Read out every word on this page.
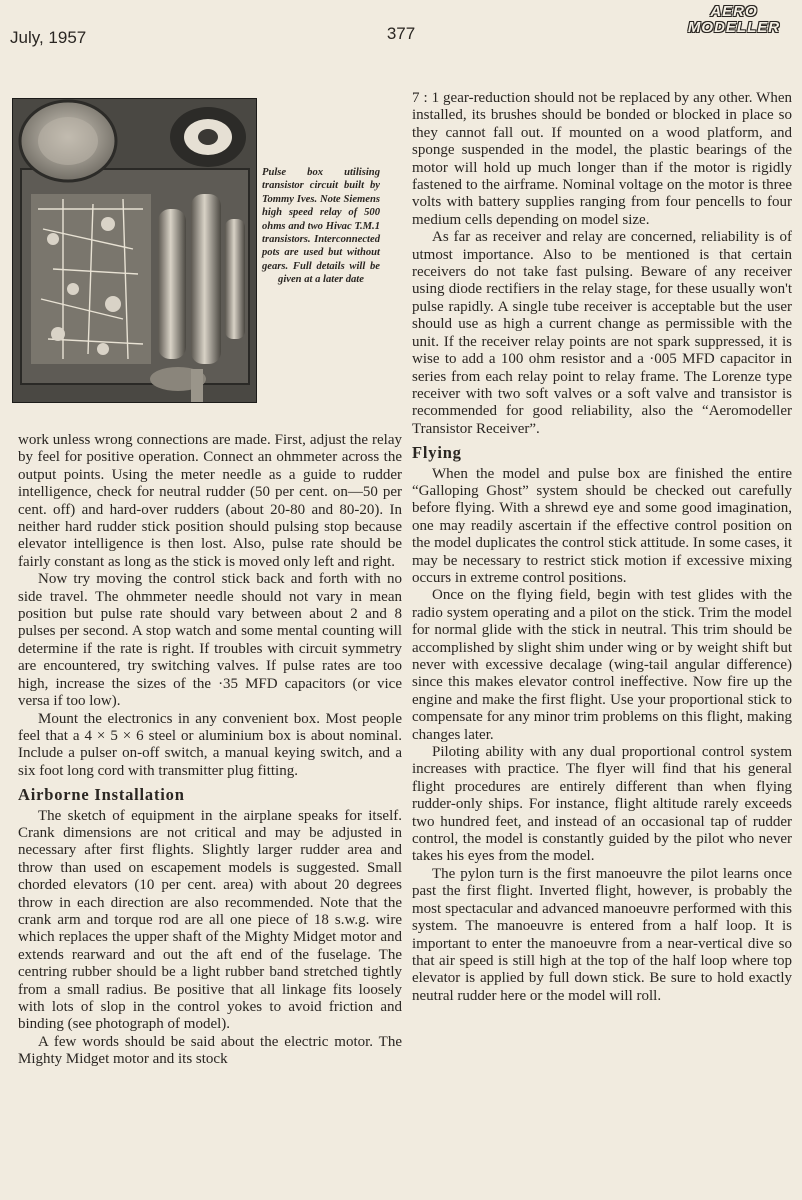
July, 1957	377
AERO
MODELLER
Pulse box utilising transistor circuit built by Tommy Ives. Note Siemens high speed relay of 500 ohms and two Hivac T.M.1 transistors. Interconnected pots are used but without gears. Full details will be given at a later date

work unless wrong connections are made. First, adjust the relay by feel for positive operation. Connect an ohmmeter across the output points. Using the meter needle as a guide to rudder intelligence, check for neutral rudder (50 per cent. on—50 per cent. off) and hard-over rudders (about 20-80 and 80-20). In neither hard rudder stick position should pulsing stop because elevator intelligence is then lost. Also, pulse rate should be fairly constant as long as the stick is moved only left and right.

Now try moving the control stick back and forth with no side travel. The ohmmeter needle should not vary in mean position but pulse rate should vary between about 2 and 8 pulses per second. A stop watch and some mental counting will determine if the rate is right. If troubles with circuit symmetry are encountered, try switching valves. If pulse rates are too high, increase the sizes of the ·35 MFD capacitors (or vice versa if too low).

Mount the electronics in any convenient box. Most people feel that a 4 × 5 × 6 steel or aluminium box is about nominal. Include a pulser on-off switch, a manual keying switch, and a six foot long cord with transmitter plug fitting.

Airborne Installation

The sketch of equipment in the airplane speaks for itself. Crank dimensions are not critical and may be adjusted in necessary after first flights. Slightly larger rudder area and throw than used on escapement models is suggested. Small chorded elevators (10 per cent. area) with about 20 degrees throw in each direction are also recommended. Note that the crank arm and torque rod are all one piece of 18 s.w.g. wire which replaces the upper shaft of the Mighty Midget motor and extends rearward and out the aft end of the fuselage. The centring rubber should be a light rubber band stretched tightly from a small radius. Be positive that all linkage fits loosely with lots of slop in the control yokes to avoid friction and binding (see photograph of model).

A few words should be said about the electric motor. The Mighty Midget motor and its stock

7 : 1 gear-reduction should not be replaced by any other. When installed, its brushes should be bonded or blocked in place so they cannot fall out. If mounted on a wood platform, and sponge suspended in the model, the plastic bearings of the motor will hold up much longer than if the motor is rigidly fastened to the airframe. Nominal voltage on the motor is three volts with battery supplies ranging from four pencells to four medium cells depending on model size.

As far as receiver and relay are concerned, reliability is of utmost importance. Also to be mentioned is that certain receivers do not take fast pulsing. Beware of any receiver using diode rectifiers in the relay stage, for these usually won't pulse rapidly. A single tube receiver is acceptable but the user should use as high a current change as permissible with the unit. If the receiver relay points are not spark suppressed, it is wise to add a 100 ohm resistor and a ·005 MFD capacitor in series from each relay point to relay frame. The Lorenze type receiver with two soft valves or a soft valve and transistor is recommended for good reliability, also the “Aeromodeller Transistor Receiver”.

Flying

When the model and pulse box are finished the entire “Galloping Ghost” system should be checked out carefully before flying. With a shrewd eye and some good imagination, one may readily ascertain if the effective control position on the model duplicates the control stick attitude. In some cases, it may be necessary to restrict stick motion if excessive mixing occurs in extreme control positions.

Once on the flying field, begin with test glides with the radio system operating and a pilot on the stick. Trim the model for normal glide with the stick in neutral. This trim should be accomplished by slight shim under wing or by weight shift but never with excessive decalage (wing-tail angular difference) since this makes elevator control ineffective. Now fire up the engine and make the first flight. Use your proportional stick to compensate for any minor trim problems on this flight, making changes later.

Piloting ability with any dual proportional control system increases with practice. The flyer will find that his general flight procedures are entirely different than when flying rudder-only ships. For instance, flight altitude rarely exceeds two hundred feet, and instead of an occasional tap of rudder control, the model is constantly guided by the pilot who never takes his eyes from the model.

The pylon turn is the first manoeuvre the pilot learns once past the first flight. Inverted flight, however, is probably the most spectacular and advanced manoeuvre performed with this system. The manoeuvre is entered from a half loop. It is important to enter the manoeuvre from a near-vertical dive so that air speed is still high at the top of the half loop where top elevator is applied by full down stick. Be sure to hold exactly neutral rudder here or the model will roll.
